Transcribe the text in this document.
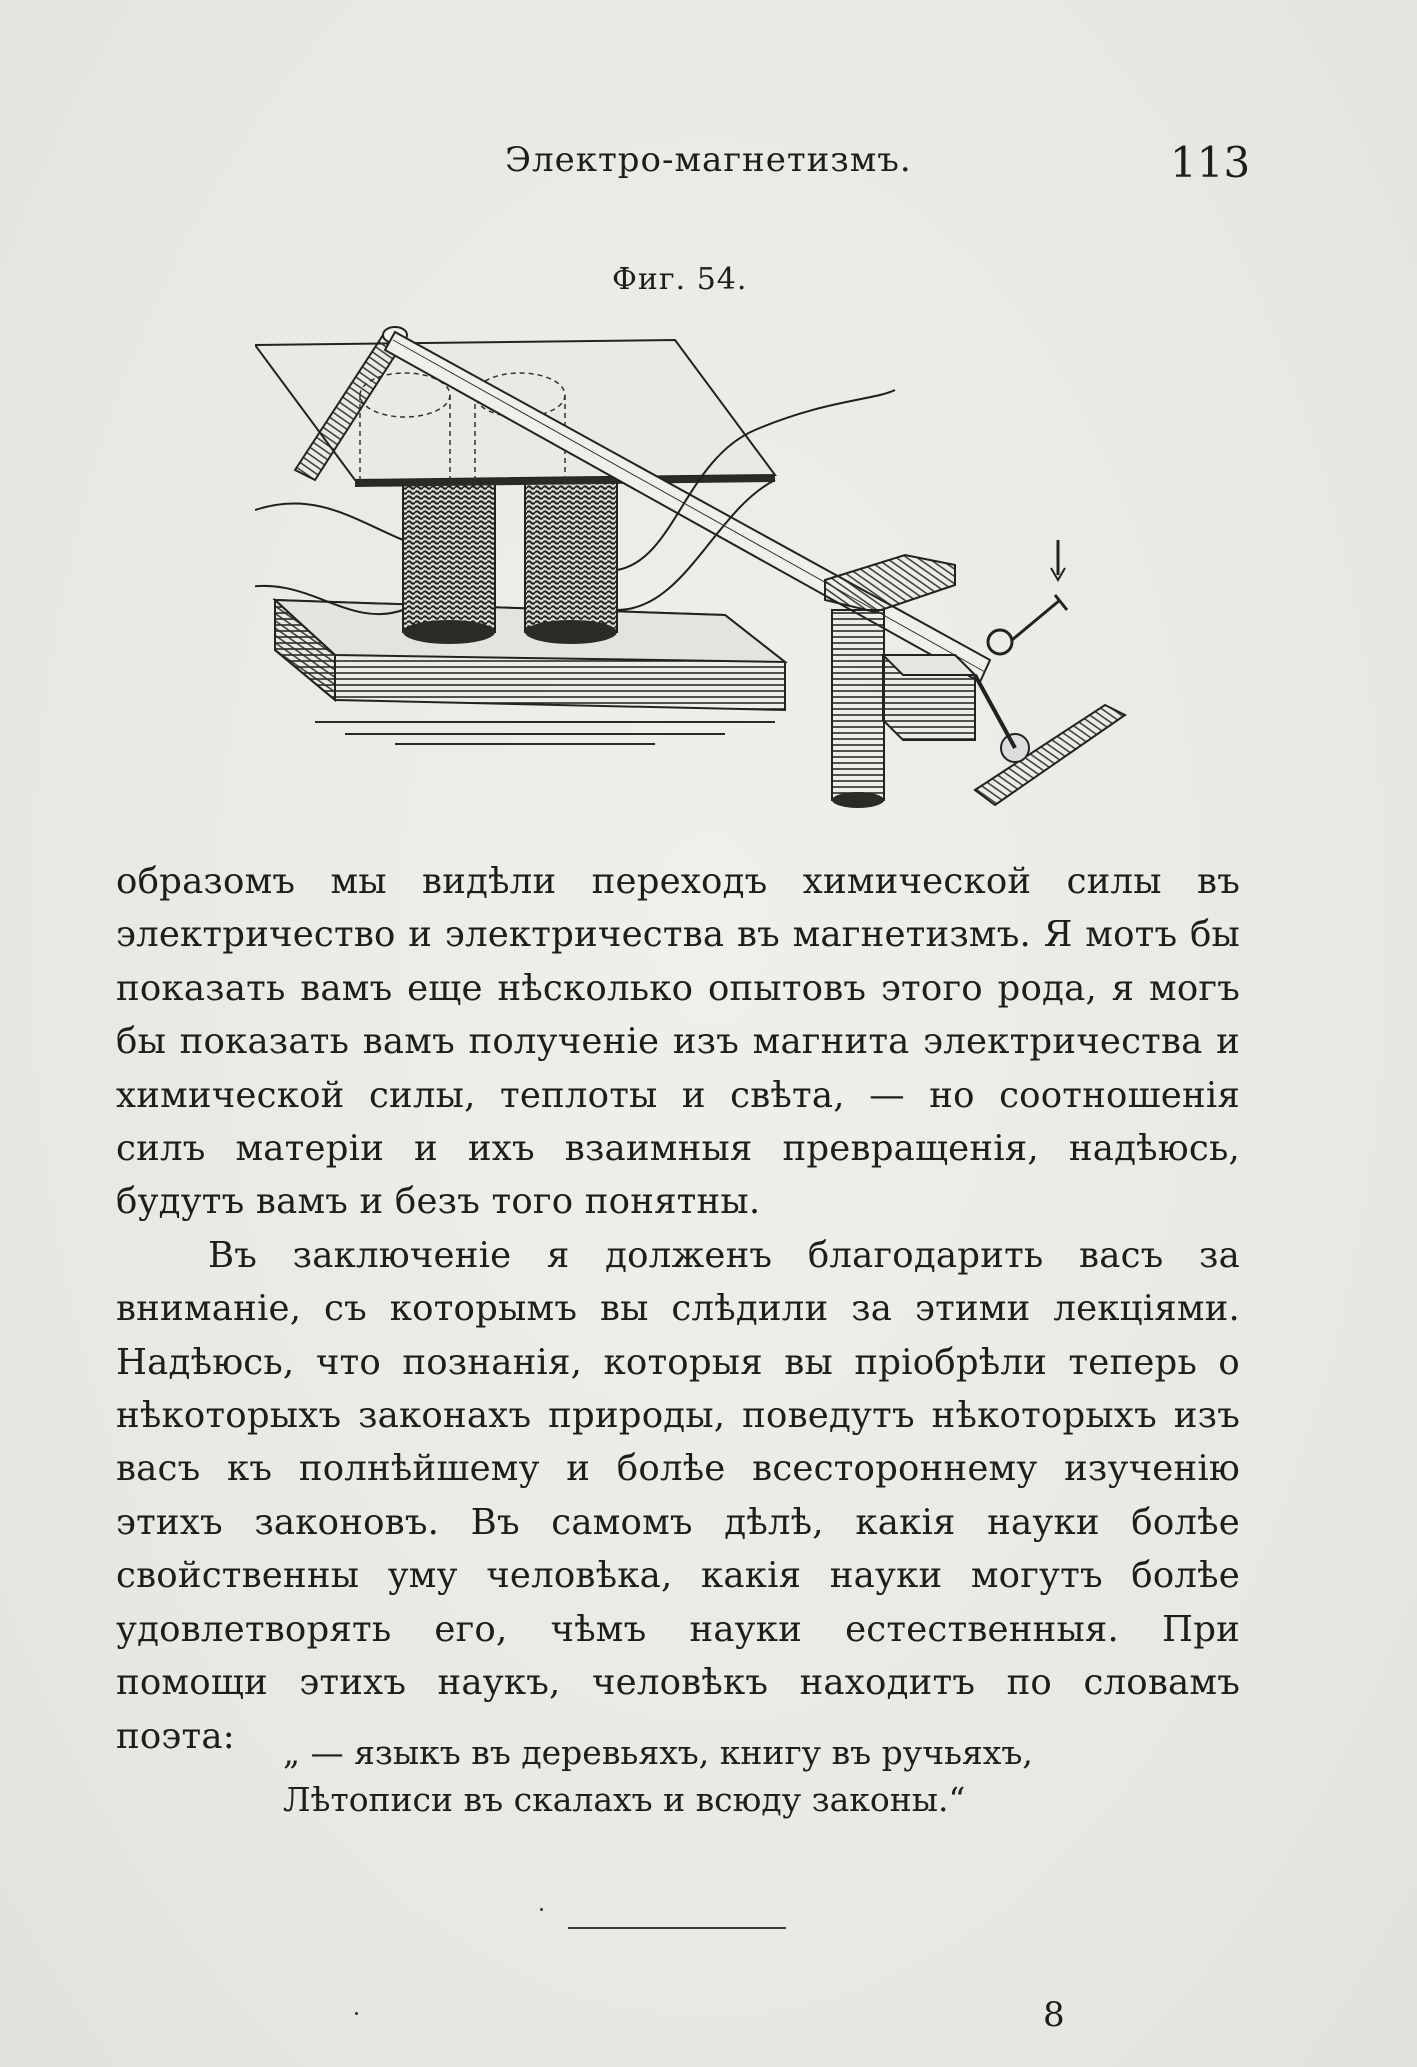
Электро-магнетизмъ.	113
Фиг. 54.

образомъ мы видѣли переходъ химической силы въ электричество и электричества въ магнетизмъ. Я мотъ бы показать вамъ еще нѣсколько опытовъ этого рода, я могъ бы показать вамъ полученіе изъ магнита электричества и химической силы, теплоты и свѣта, — но соотношенія силъ матеріи и ихъ взаимныя превращенія, надѣюсь, будутъ вамъ и безъ того понятны.

Въ заключеніе я долженъ благодарить васъ за вниманіе, съ которымъ вы слѣдили за этими лекціями. Надѣюсь, что познанія, которыя вы пріобрѣли теперь о нѣкоторыхъ законахъ природы, поведутъ нѣкоторыхъ изъ васъ къ полнѣйшему и болѣе всестороннему изученію этихъ законовъ. Въ самомъ дѣлѣ, какія науки болѣе свойственны уму человѣка, какія науки могутъ болѣе удовлетворять его, чѣмъ науки естественныя. При помощи этихъ наукъ, человѣкъ находитъ по словамъ поэта:	„ — языкъ въ деревьяхъ, книгу въ ручьяхъ,
Лѣтописи въ скалахъ и всюду законы.“
8
